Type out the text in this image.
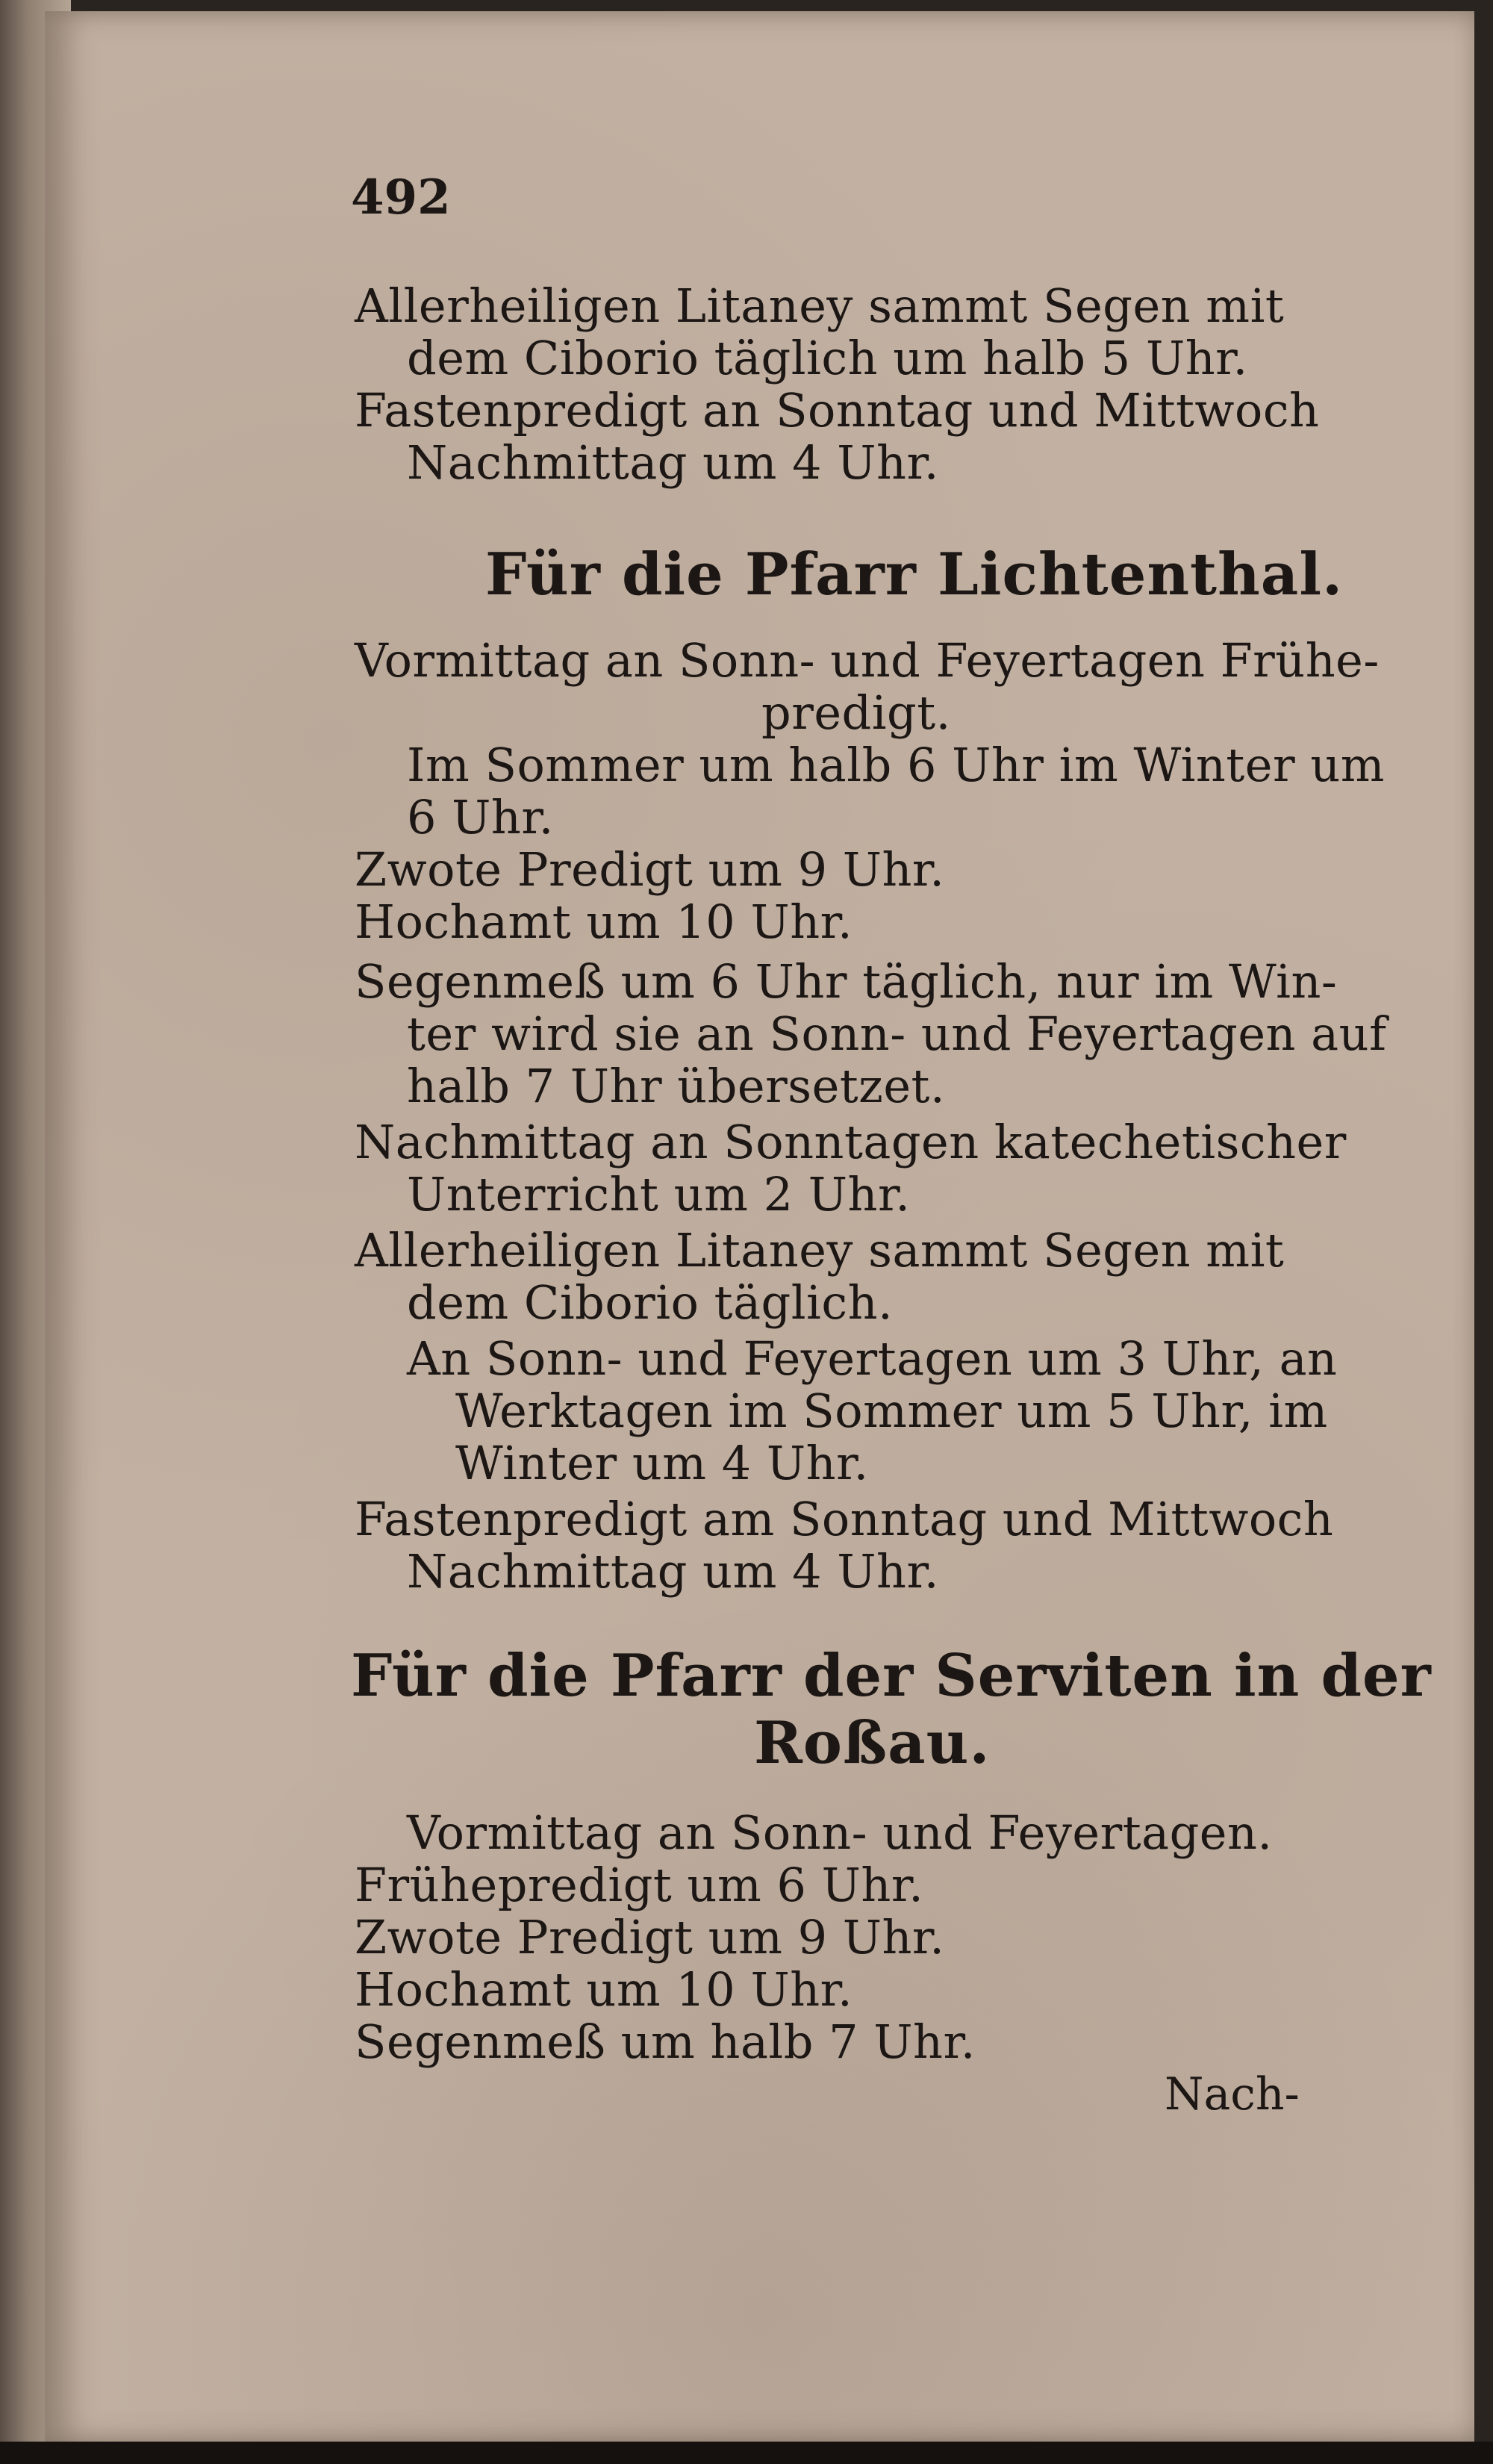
492
Allerheiligen Litaney sammt Segen mit
dem Ciborio täglich um halb 5 Uhr.
Fastenpredigt an Sonntag und Mittwoch
Nachmittag um 4 Uhr.
Für die Pfarr Lichtenthal.
Vormittag an Sonn- und Feyertagen Frühe-
predigt.
Im Sommer um halb 6 Uhr im Winter um
6 Uhr.
Zwote Predigt um 9 Uhr.
Hochamt um 10 Uhr.
Segenmeß um 6 Uhr täglich, nur im Win-
ter wird sie an Sonn- und Feyertagen auf
halb 7 Uhr übersetzet.
Nachmittag an Sonntagen katechetischer
Unterricht um 2 Uhr.
Allerheiligen Litaney sammt Segen mit
dem Ciborio täglich.
An Sonn- und Feyertagen um 3 Uhr, an
Werktagen im Sommer um 5 Uhr, im
Winter um 4 Uhr.
Fastenpredigt am Sonntag und Mittwoch
Nachmittag um 4 Uhr.
Für die Pfarr der Serviten in der
Roßau.
Vormittag an Sonn- und Feyertagen.
Frühepredigt um 6 Uhr.
Zwote Predigt um 9 Uhr.
Hochamt um 10 Uhr.
Segenmeß um halb 7 Uhr.
Nach-
